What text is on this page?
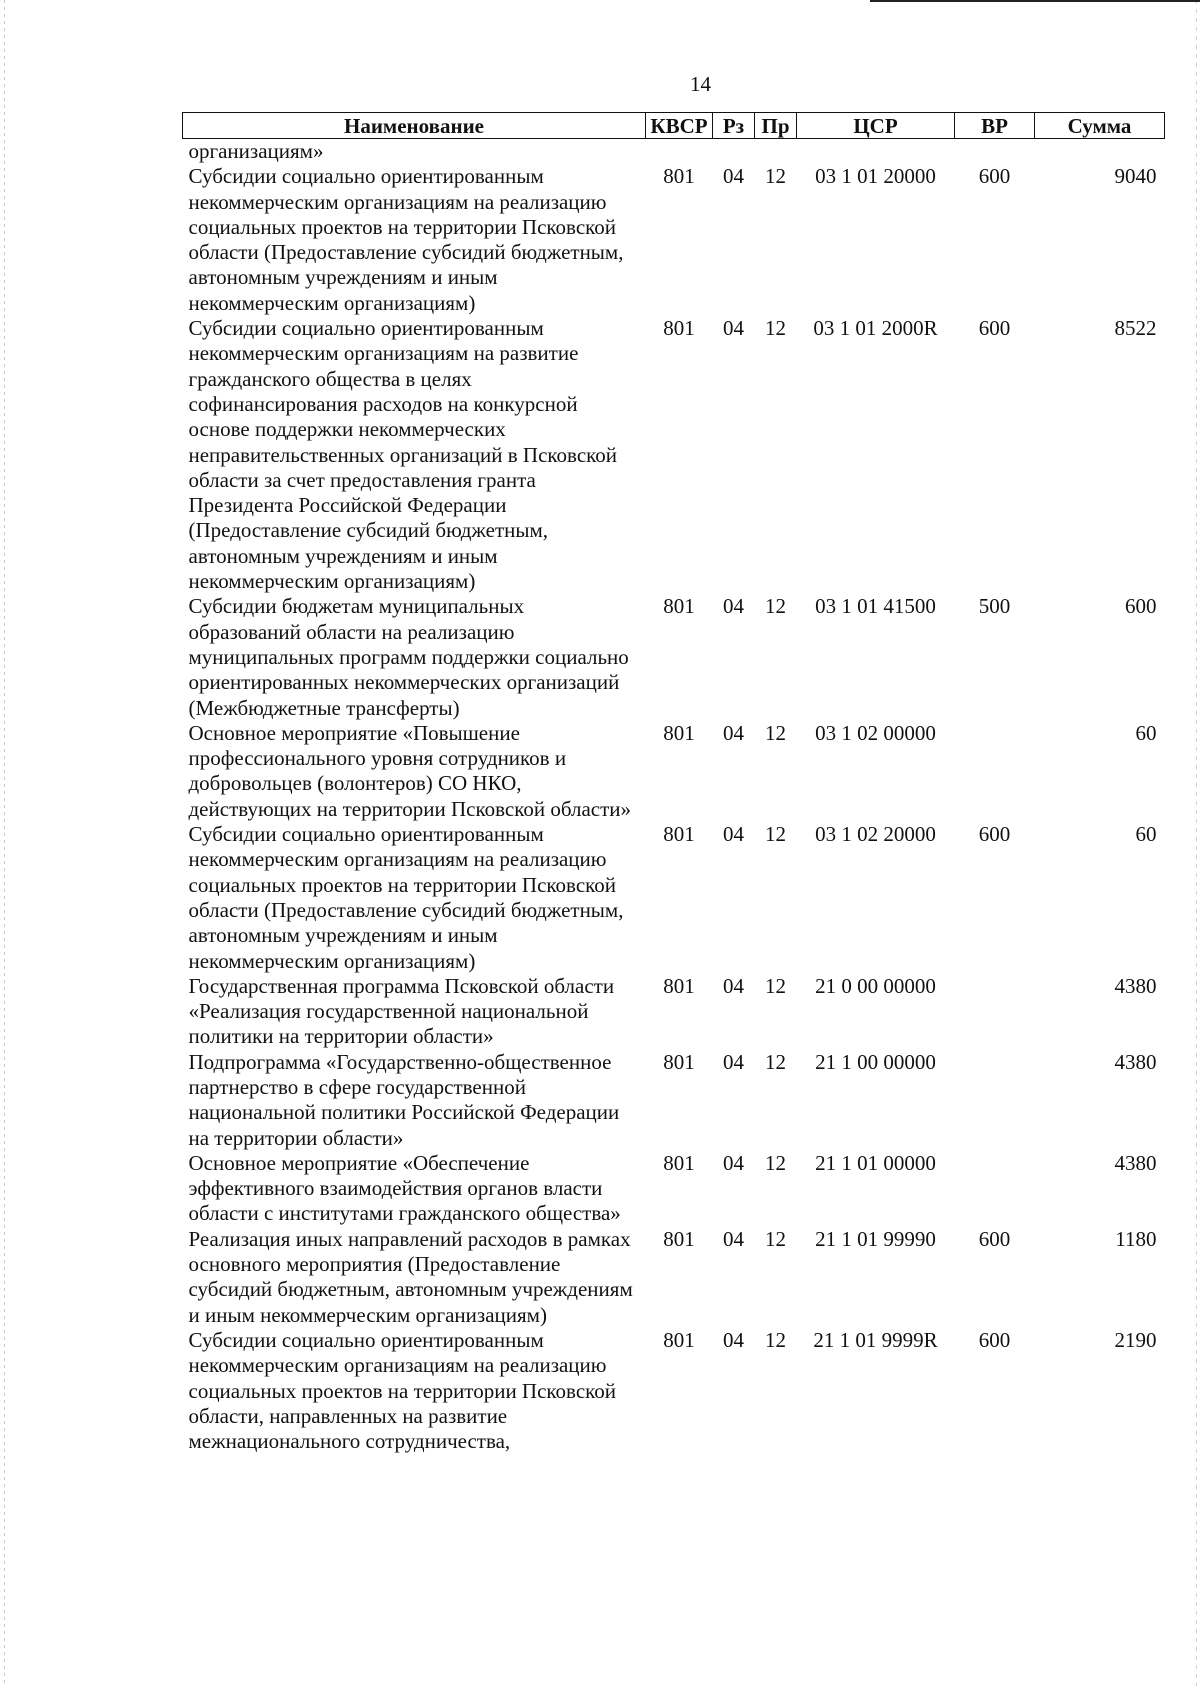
14
Наименование	КВСР	Рз	Пр	ЦСР	ВР	Сумма
организациям»						
Субсидии социально ориентированным некоммерческим организациям на реализацию социальных проектов на территории Псковской области (Предоставление субсидий бюджетным, автономным учреждениям и иным некоммерческим организациям)	801	04	12	03 1 01 20000	600	9040
Субсидии социально ориентированным некоммерческим организациям на развитие гражданского общества в целях софинансирования расходов на конкурсной основе поддержки некоммерческих неправительственных организаций в Псковской области за счет предоставления гранта Президента Российской Федерации (Предоставление субсидий бюджетным, автономным учреждениям и иным некоммерческим организациям)	801	04	12	03 1 01 2000R	600	8522
Субсидии бюджетам муниципальных образований области на реализацию муниципальных программ поддержки социально ориентированных некоммерческих организаций (Межбюджетные трансферты)	801	04	12	03 1 01 41500	500	600
Основное мероприятие «Повышение профессионального уровня сотрудников и добровольцев (волонтеров) СО НКО, действующих на территории Псковской области»	801	04	12	03 1 02 00000		60
Субсидии социально ориентированным некоммерческим организациям на реализацию социальных проектов на территории Псковской области (Предоставление субсидий бюджетным, автономным учреждениям и иным некоммерческим организациям)	801	04	12	03 1 02 20000	600	60
Государственная программа Псковской области «Реализация государственной национальной политики на территории области»	801	04	12	21 0 00 00000		4380
Подпрограмма «Государственно-общественное партнерство в сфере государственной национальной политики Российской Федерации на территории области»	801	04	12	21 1 00 00000		4380
Основное мероприятие «Обеспечение эффективного взаимодействия органов власти области с институтами гражданского общества»	801	04	12	21 1 01 00000		4380
Реализация иных направлений расходов в рамках основного мероприятия (Предоставление субсидий бюджетным, автономным учреждениям и иным некоммерческим организациям)	801	04	12	21 1 01 99990	600	1180
Субсидии социально ориентированным некоммерческим организациям на реализацию социальных проектов на территории Псковской области, направленных на развитие межнационального сотрудничества,	801	04	12	21 1 01 9999R	600	2190
